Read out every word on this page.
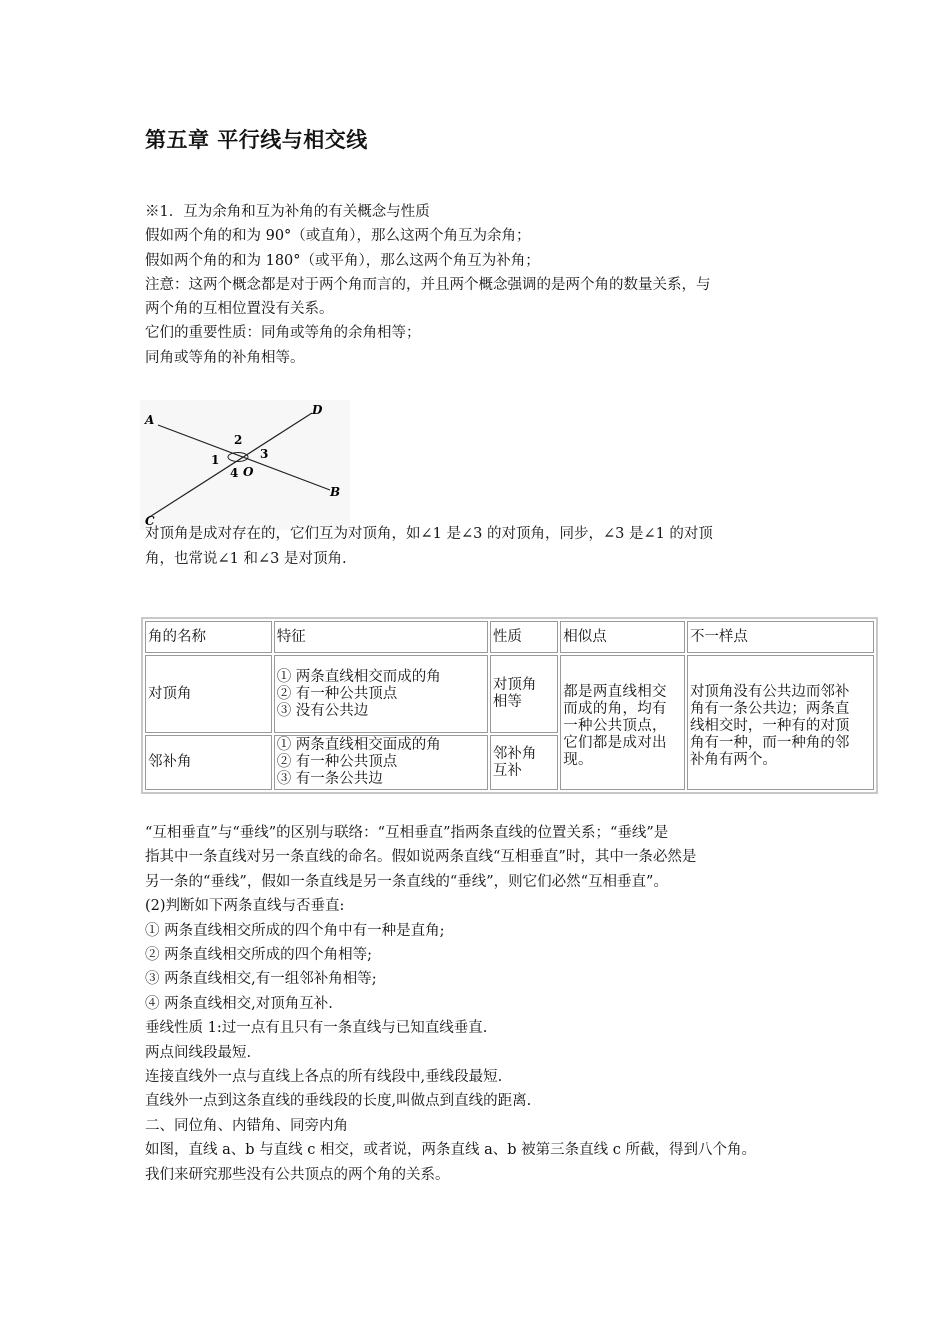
第五章 平行线与相交线
※1．互为余角和互为补角的有关概念与性质
假如两个角的和为 90°（或直角），那么这两个角互为余角；
假如两个角的和为 180°（或平角），那么这两个角互为补角；
注意：这两个概念都是对于两个角而言的，并且两个概念强调的是两个角的数量关系，与
两个角的互相位置没有关系。
它们的重要性质：同角或等角的余角相等；
同角或等角的补角相等。
A
D
B
C
O
1
2
3
4
对顶角是成对存在的，它们互为对顶角，如∠1 是∠3 的对顶角，同步，∠3 是∠1 的对顶
角，也常说∠1 和∠3 是对顶角.
角的名称	特征	性质	相似点	不一样点
对顶角	① 两条直线相交而成的角
② 有一种公共顶点
③ 没有公共边	对顶角
相等	都是两直线相交
而成的角，均有
一种公共顶点，
它们都是成对出
现。	对顶角没有公共边而邻补
角有一条公共边；两条直
线相交时，一种有的对顶
角有一种，而一种角的邻
补角有两个。

邻补角	① 两条直线相交面成的角
② 有一种公共顶点
③ 有一条公共边	邻补角
互补		
“互相垂直”与“垂线”的区别与联络：“互相垂直”指两条直线的位置关系；“垂线”是
指其中一条直线对另一条直线的命名。假如说两条直线“互相垂直”时，其中一条必然是
另一条的“垂线”，假如一条直线是另一条直线的“垂线”，则它们必然“互相垂直”。
(2)判断如下两条直线与否垂直:
① 两条直线相交所成的四个角中有一种是直角;
② 两条直线相交所成的四个角相等;
③ 两条直线相交,有一组邻补角相等;
④ 两条直线相交,对顶角互补.
垂线性质 1:过一点有且只有一条直线与已知直线垂直.
两点间线段最短.
连接直线外一点与直线上各点的所有线段中,垂线段最短.
直线外一点到这条直线的垂线段的长度,叫做点到直线的距离.
二、同位角、内错角、同旁内角
如图，直线 a、b 与直线 c 相交，或者说，两条直线 a、b 被第三条直线 c 所截，得到八个角。
我们来研究那些没有公共顶点的两个角的关系。
